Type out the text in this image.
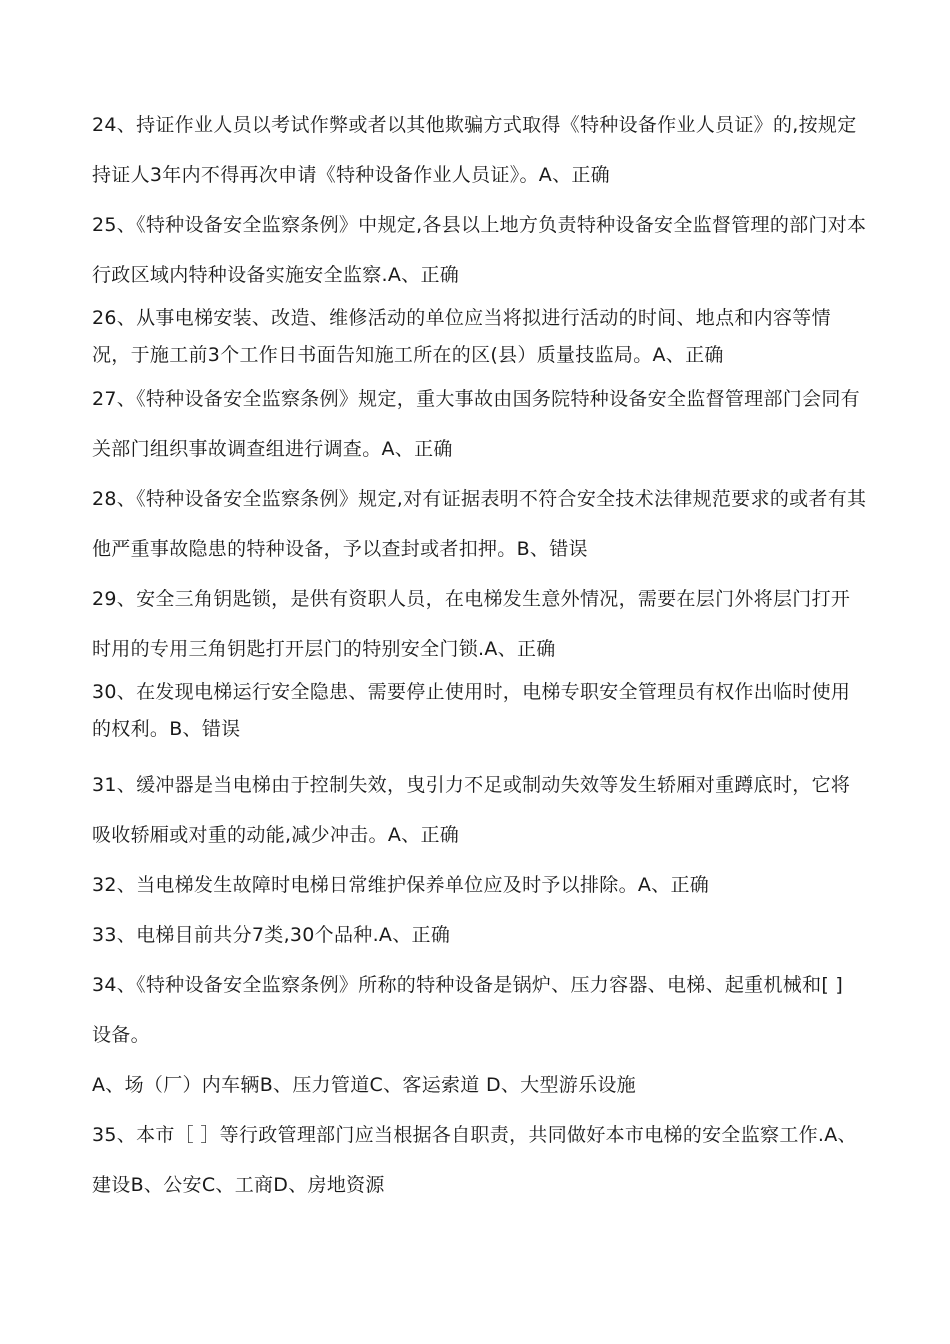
24、持证作业人员以考试作弊或者以其他欺骗方式取得《特种设备作业人员证》的,按规定持证人3年内不得再次申请《特种设备作业人员证》。A、正确

25、《特种设备安全监察条例》中规定,各县以上地方负责特种设备安全监督管理的部门对本行政区域内特种设备实施安全监察.A、正确

26、从事电梯安装、改造、维修活动的单位应当将拟进行活动的时间、地点和内容等情况，于施工前3个工作日书面告知施工所在的区(县）质量技监局。A、正确

27、《特种设备安全监察条例》规定，重大事故由国务院特种设备安全监督管理部门会同有关部门组织事故调查组进行调查。A、正确

28、《特种设备安全监察条例》规定,对有证据表明不符合安全技术法律规范要求的或者有其他严重事故隐患的特种设备，予以查封或者扣押。B、错误

29、安全三角钥匙锁，是供有资职人员，在电梯发生意外情况，需要在层门外将层门打开时用的专用三角钥匙打开层门的特别安全门锁.A、正确

30、在发现电梯运行安全隐患、需要停止使用时，电梯专职安全管理员有权作出临时使用的权利。B、错误

31、缓冲器是当电梯由于控制失效，曳引力不足或制动失效等发生轿厢对重蹲底时，它将吸收轿厢或对重的动能,减少冲击。A、正确

32、当电梯发生故障时电梯日常维护保养单位应及时予以排除。A、正确

33、电梯目前共分7类,30个品种.A、正确

34、《特种设备安全监察条例》所称的特种设备是锅炉、压力容器、电梯、起重机械和[ ] 设备。

A、场（厂）内车辆B、压力管道C、客运索道 D、大型游乐设施

35、本市［ ］等行政管理部门应当根据各自职责，共同做好本市电梯的安全监察工作.A、建设B、公安C、工商D、房地资源
